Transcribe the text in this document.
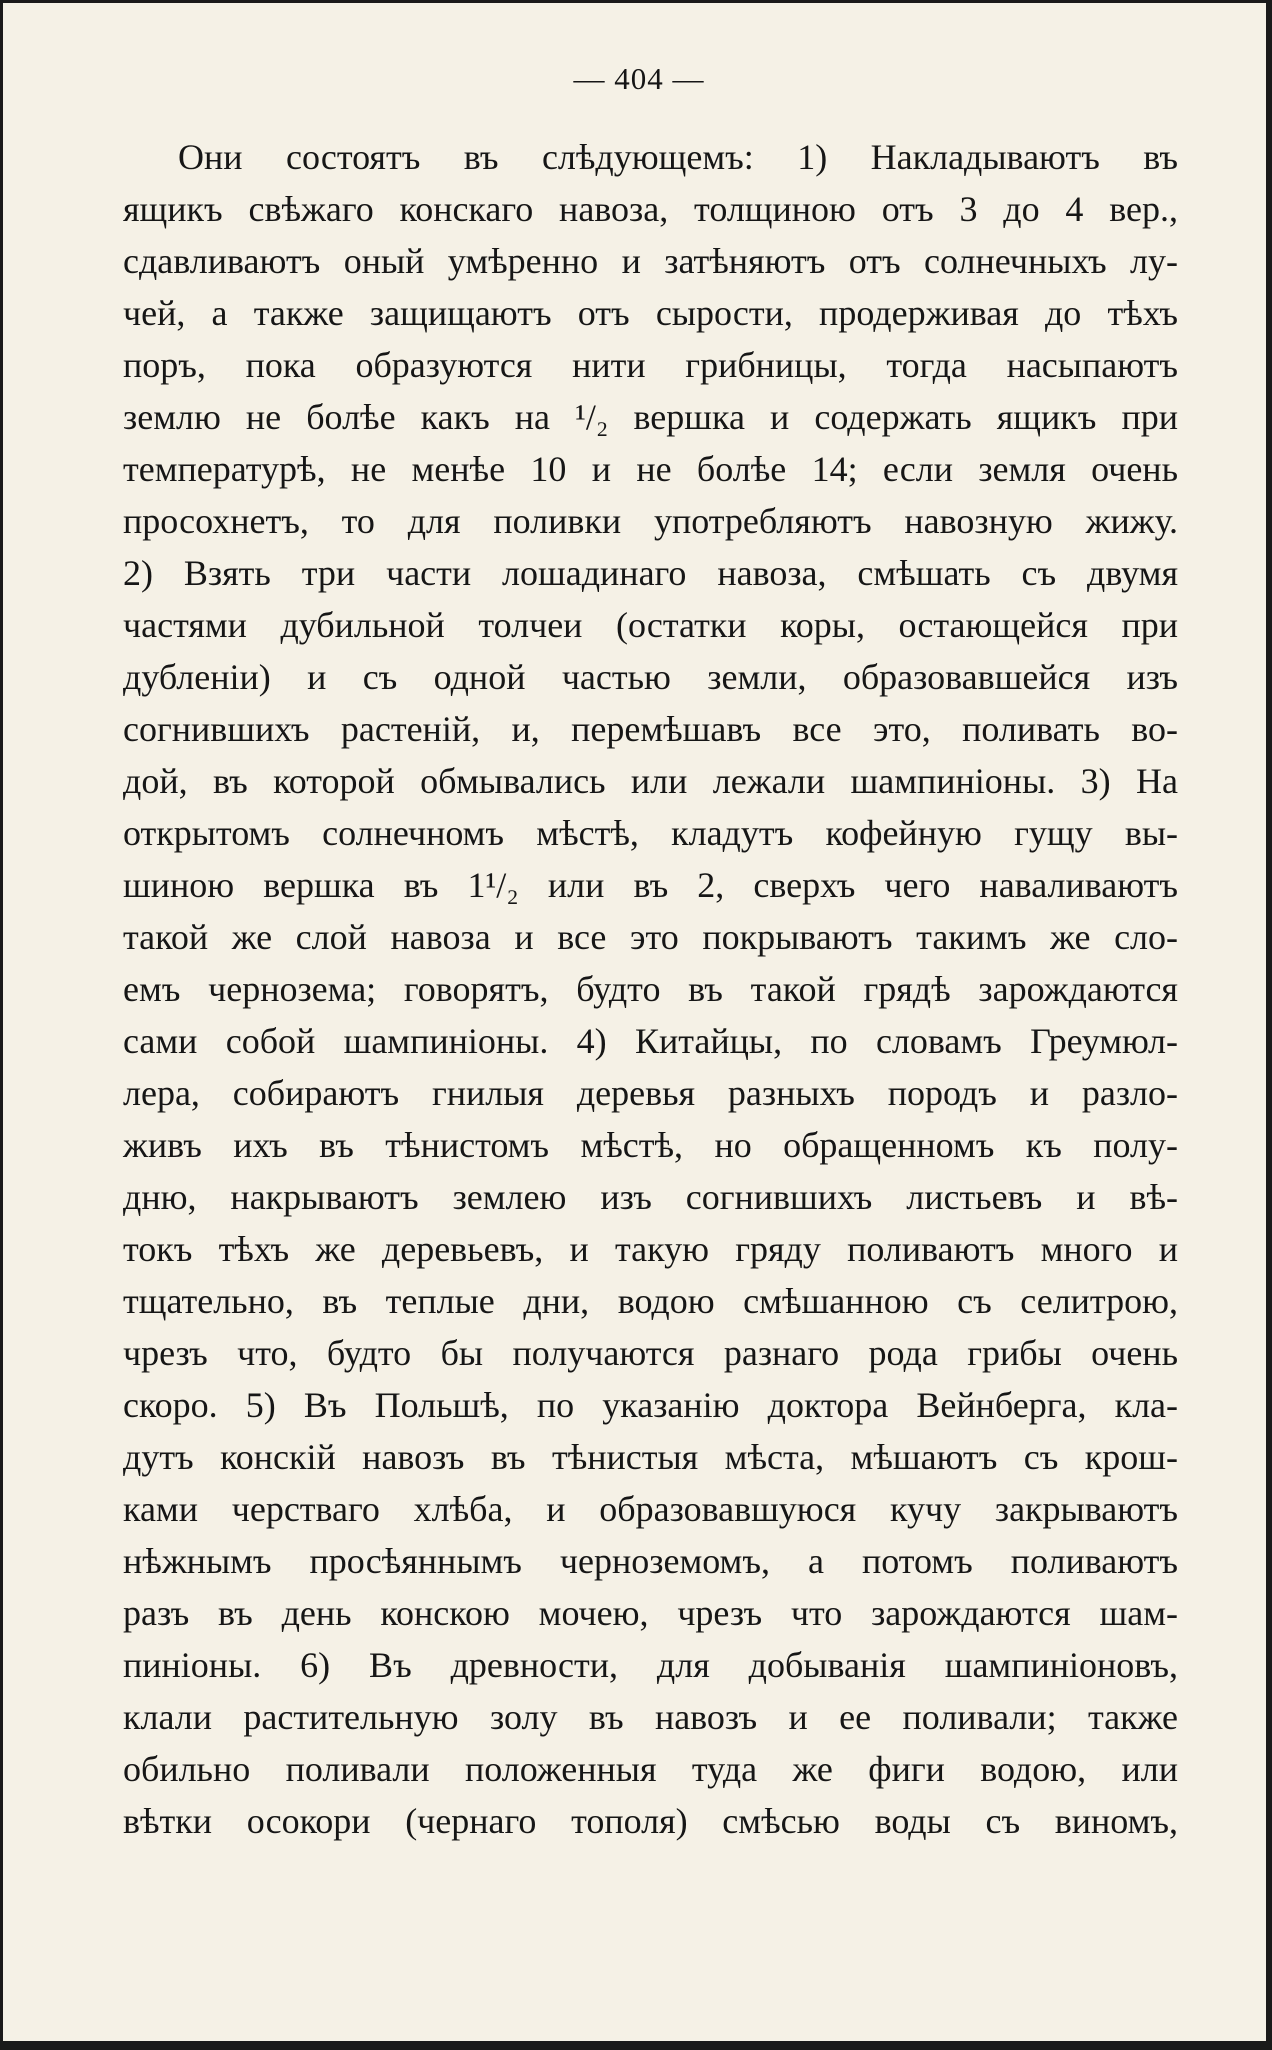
— 404 —
Они состоятъ въ слѣдующемъ: 1) Накладываютъ въ
ящикъ свѣжаго конскаго навоза, толщиною отъ 3 до 4 вер.,
сдавливаютъ оный умѣренно и затѣняютъ отъ солнечныхъ лу-
чей, а также защищаютъ отъ сырости, продерживая до тѣхъ
поръ, пока образуются нити грибницы, тогда насыпаютъ
землю не болѣе какъ на ¹/₂ вершка и содержать ящикъ при
температурѣ, не менѣе 10 и не болѣе 14; если земля очень
просохнетъ, то для поливки употребляютъ навозную жижу.
2) Взять три части лошадинаго навоза, смѣшать съ двумя
частями дубильной толчеи (остатки коры, остающейся при
дубленіи) и съ одной частью земли, образовавшейся изъ
согнившихъ растеній, и, перемѣшавъ все это, поливать во-
дой, въ которой обмывались или лежали шампиніоны. 3) На
открытомъ солнечномъ мѣстѣ, кладутъ кофейную гущу вы-
шиною вершка въ 1¹/₂ или въ 2, сверхъ чего наваливаютъ
такой же слой навоза и все это покрываютъ такимъ же сло-
емъ чернозема; говорятъ, будто въ такой грядѣ зарождаются
сами собой шампиніоны. 4) Китайцы, по словамъ Греумюл-
лера, собираютъ гнилыя деревья разныхъ породъ и разло-
живъ ихъ въ тѣнистомъ мѣстѣ, но обращенномъ къ полу-
дню, накрываютъ землею изъ согнившихъ листьевъ и вѣ-
токъ тѣхъ же деревьевъ, и такую гряду поливаютъ много и
тщательно, въ теплые дни, водою смѣшанною съ селитрою,
чрезъ что, будто бы получаются разнаго рода грибы очень
скоро. 5) Въ Польшѣ, по указанію доктора Вейнберга, кла-
дутъ конскій навозъ въ тѣнистыя мѣста, мѣшаютъ съ крош-
ками черстваго хлѣба, и образовавшуюся кучу закрываютъ
нѣжнымъ просѣяннымъ черноземомъ, а потомъ поливаютъ
разъ въ день конскою мочею, чрезъ что зарождаются шам-
пиніоны. 6) Въ древности, для добыванія шампиніоновъ,
клали растительную золу въ навозъ и ее поливали; также
обильно поливали положенныя туда же фиги водою, или
вѣтки осокори (чернаго тополя) смѣсью воды съ виномъ,
